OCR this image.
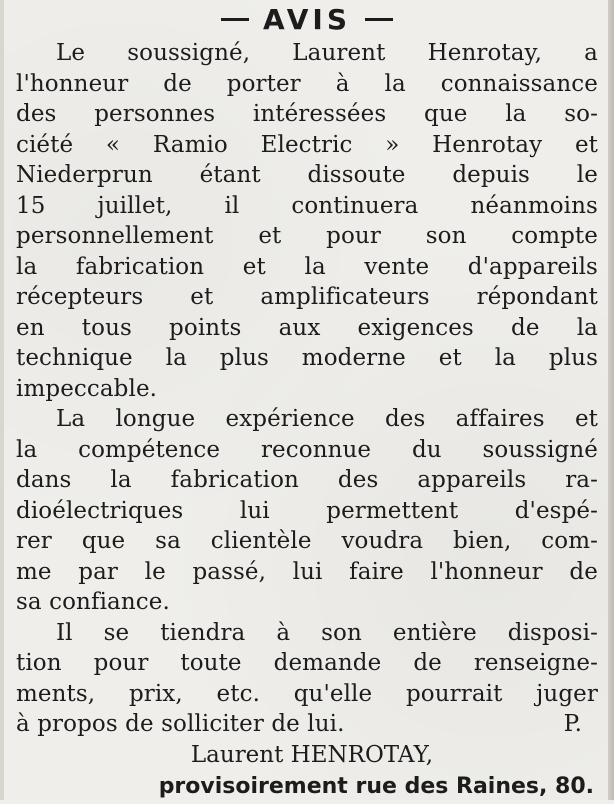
AVIS
Le soussigné, Laurent Henrotay, a
l'honneur de porter à la connaissance
des personnes intéressées que la so-
ciété « Ramio Electric » Henrotay et
Niederprun étant dissoute depuis le
15 juillet, il continuera néanmoins
personnellement et pour son compte
la fabrication et la vente d'appareils
récepteurs et amplificateurs répondant
en tous points aux exigences de la
technique la plus moderne et la plus
impeccable.
La longue expérience des affaires et
la compétence reconnue du soussigné
dans la fabrication des appareils ra-
dioélectriques lui permettent d'espé-
rer que sa clientèle voudra bien, com-
me par le passé, lui faire l'honneur de
sa confiance.
Il se tiendra à son entière disposi-
tion pour toute demande de renseigne-
ments, prix, etc. qu'elle pourrait juger
à propos de solliciter de lui.	P.
Laurent HENROTAY,
provisoirement rue des Raines, 80.
